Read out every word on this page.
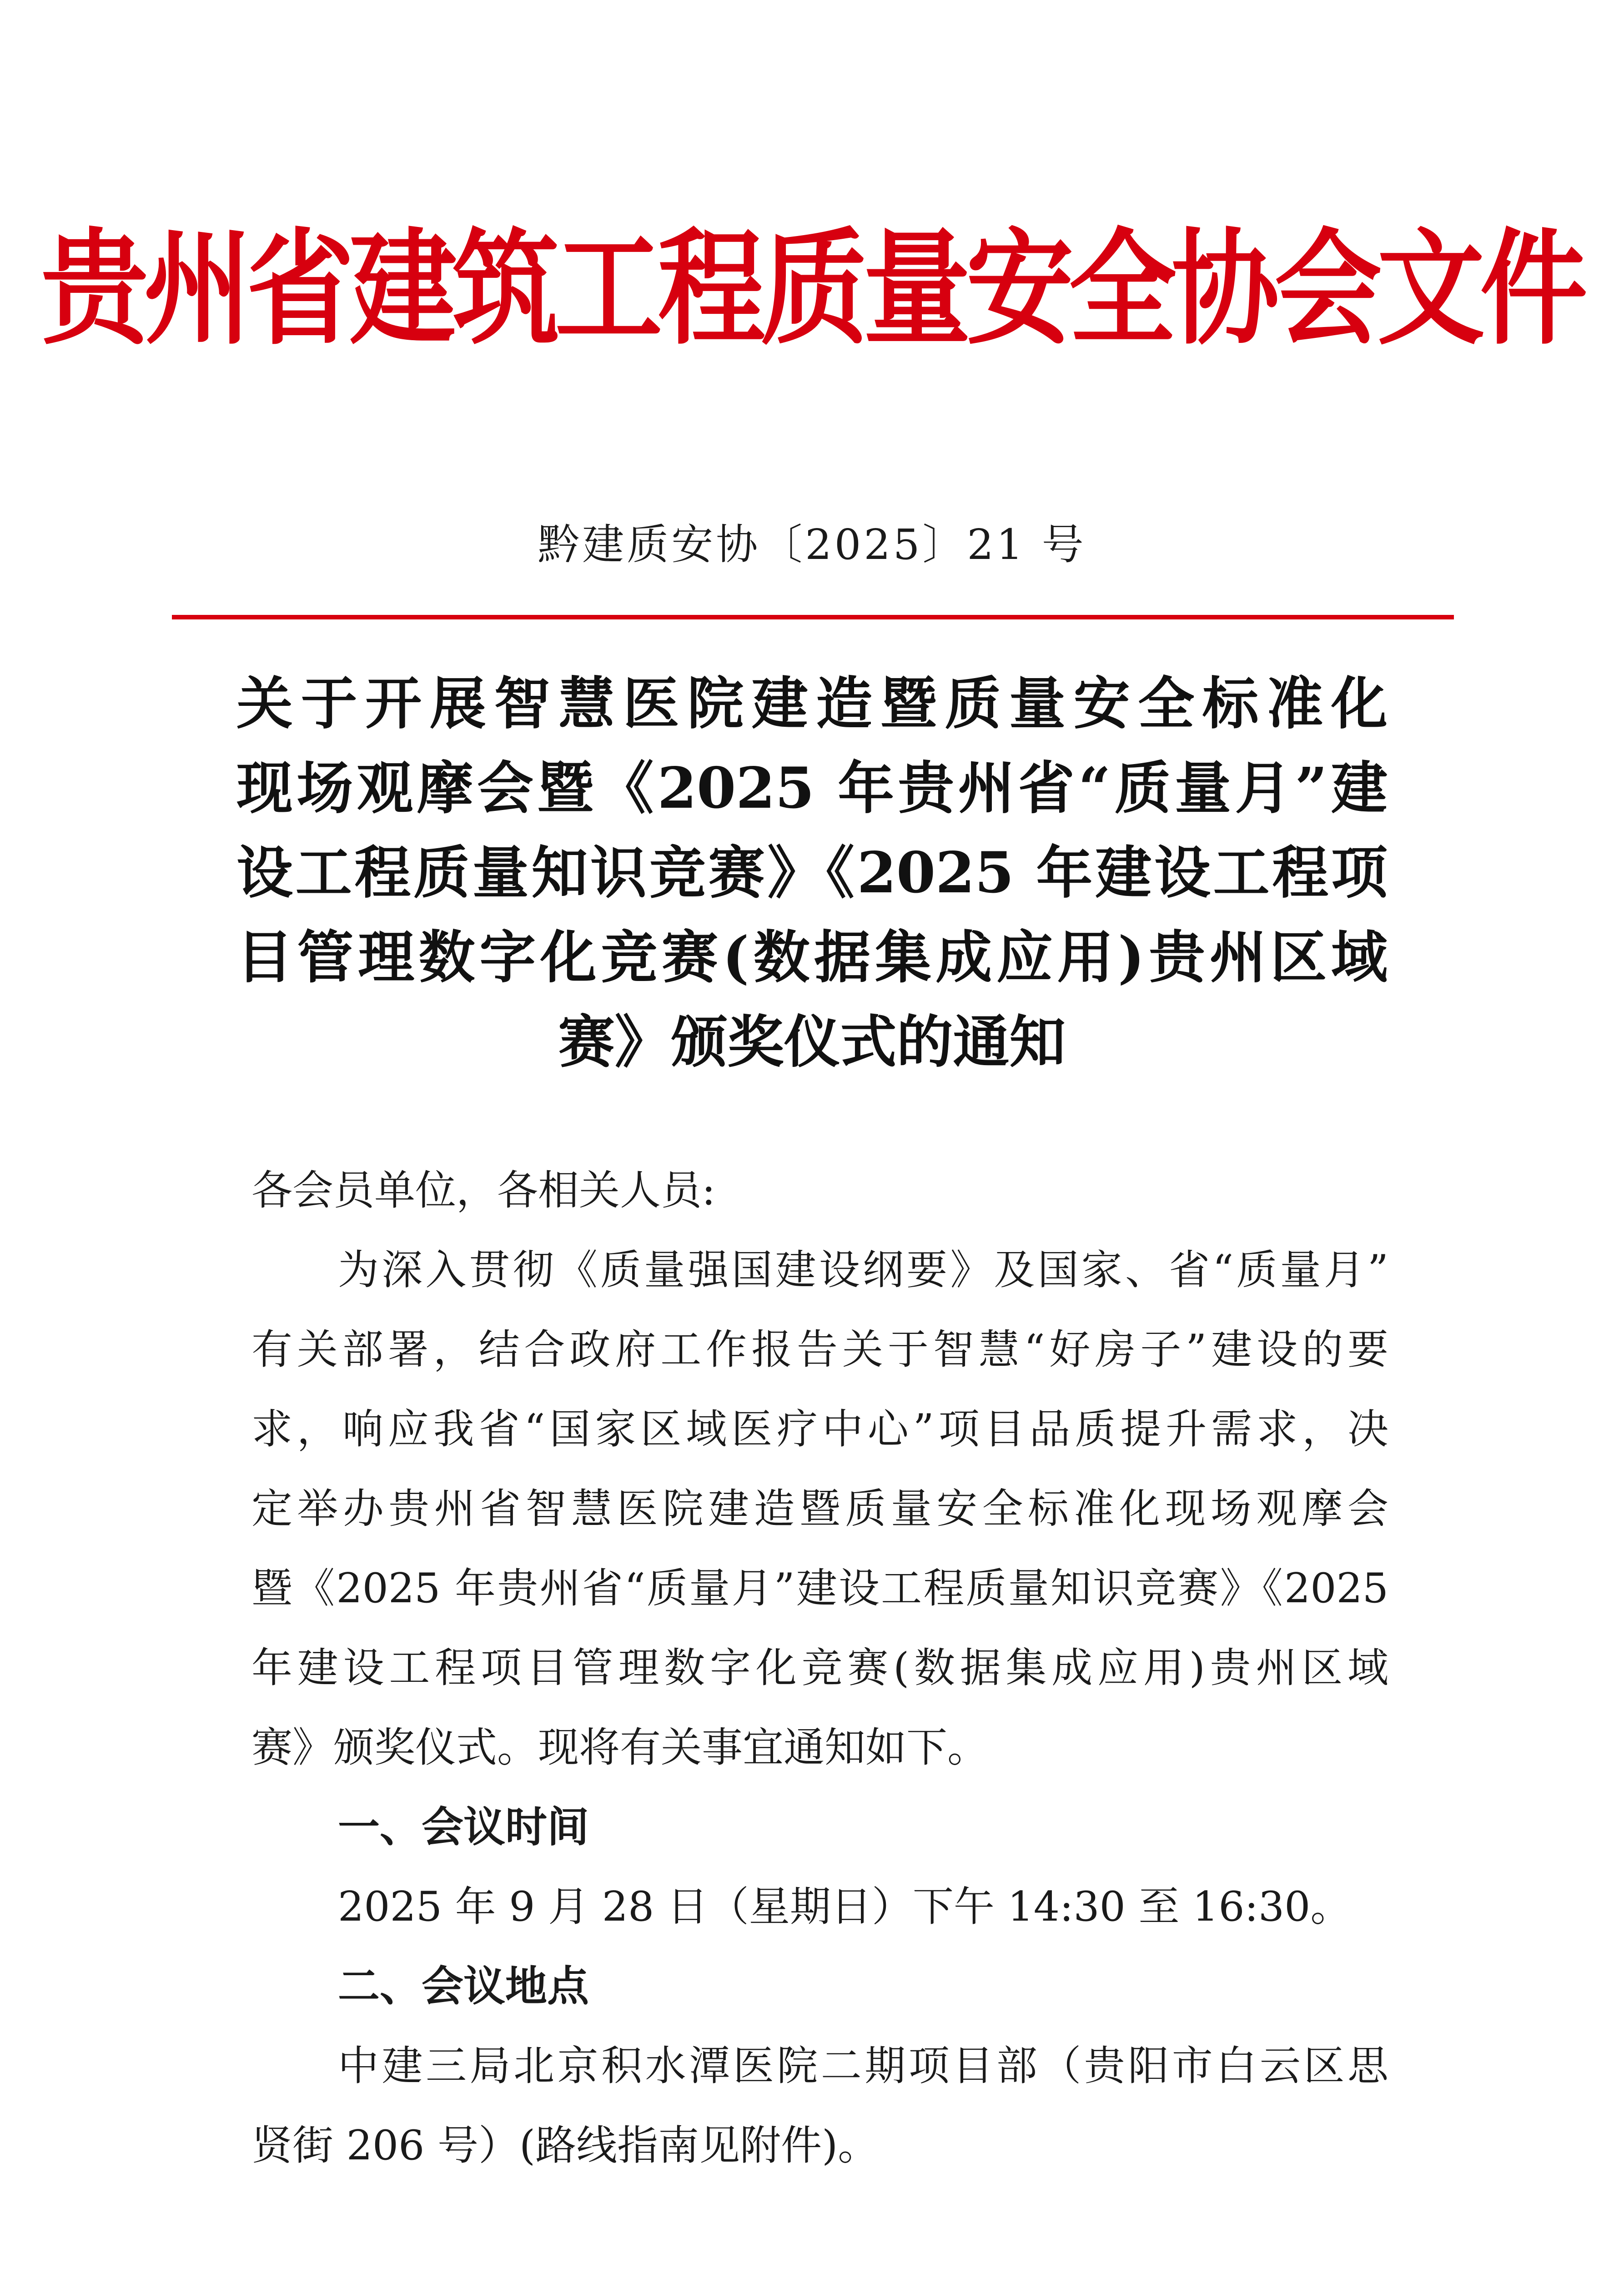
贵州省建筑工程质量安全协会文件
黔建质安协〔2025〕21 号
关于开展智慧医院建造暨质量安全标准化
现场观摩会暨《2025 年贵州省“质量月”建
设工程质量知识竞赛》《2025 年建设工程项
目管理数字化竞赛(数据集成应用)贵州区域
赛》颁奖仪式的通知
各会员单位，各相关人员:
为深入贯彻《质量强国建设纲要》及国家、省“质量月”
有关部署，结合政府工作报告关于智慧“好房子”建设的要
求，响应我省“国家区域医疗中心”项目品质提升需求，决
定举办贵州省智慧医院建造暨质量安全标准化现场观摩会
暨《2025 年贵州省“质量月”建设工程质量知识竞赛》《2025
年建设工程项目管理数字化竞赛(数据集成应用)贵州区域
赛》颁奖仪式。现将有关事宜通知如下。
一、会议时间
2025 年 9 月 28 日（星期日）下午 14:30 至 16:30。
二、会议地点
中建三局北京积水潭医院二期项目部（贵阳市白云区思
贤街 206 号）(路线指南见附件)。
